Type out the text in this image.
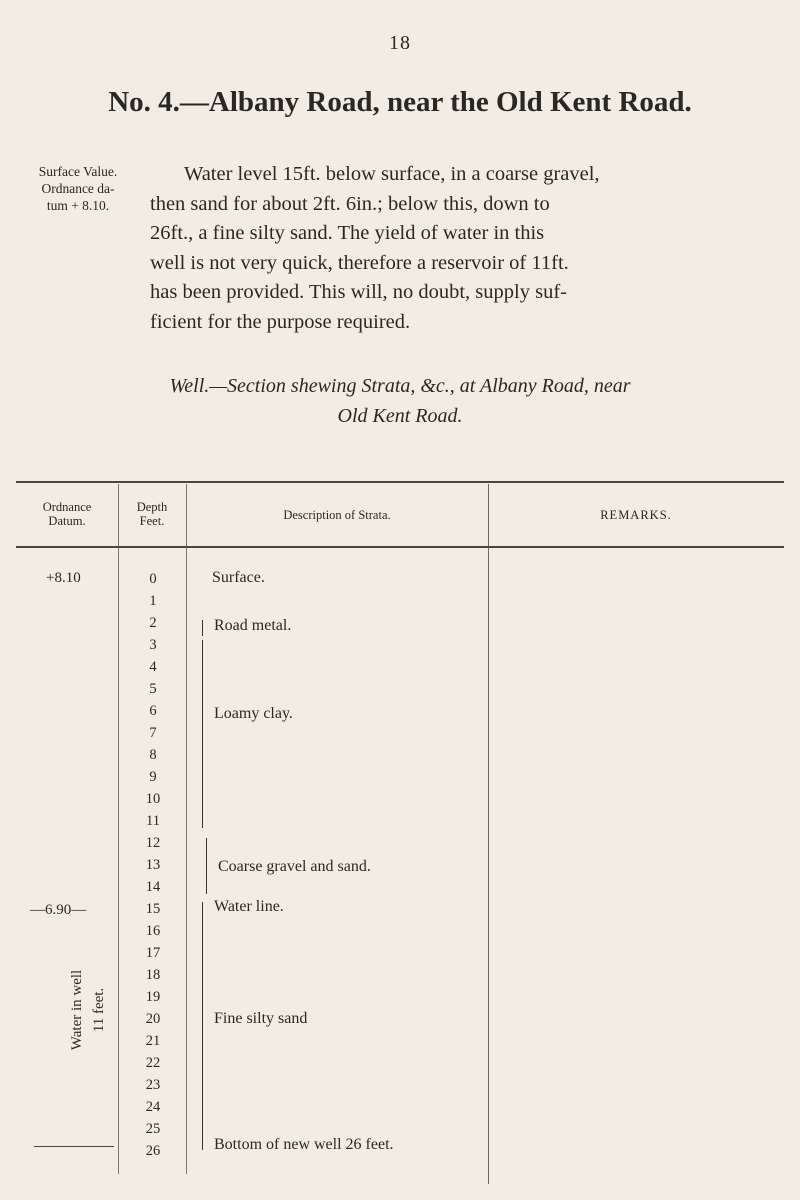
18
No. 4.—Albany Road, near the Old Kent Road.
Surface Value.
Ordnance da-
tum + 8.10.
Water level 15ft. below surface, in a coarse gravel,
then sand for about 2ft. 6in.; below this, down to
26ft., a fine silty sand. The yield of water in this
well is not very quick, therefore a reservoir of 11ft.
has been provided. This will, no doubt, supply suf-
ficient for the purpose required.
Well.—Section shewing Strata, &c., at Albany Road, near
Old Kent Road.
Ordnance
Datum.
Depth
Feet.	Description of Strata.	REMARKS.
0
1
2
3
4
5
6
7
8
9
10
11
12
13
14
15
16
17
18
19
20
21
22
23
24
25
26
+8.10
—6.90—
Water in well 11 feet.
Surface.
Road metal.
Loamy clay.
Coarse gravel and sand.
Water line.
Fine silty sand
Bottom of new well 26 feet.
